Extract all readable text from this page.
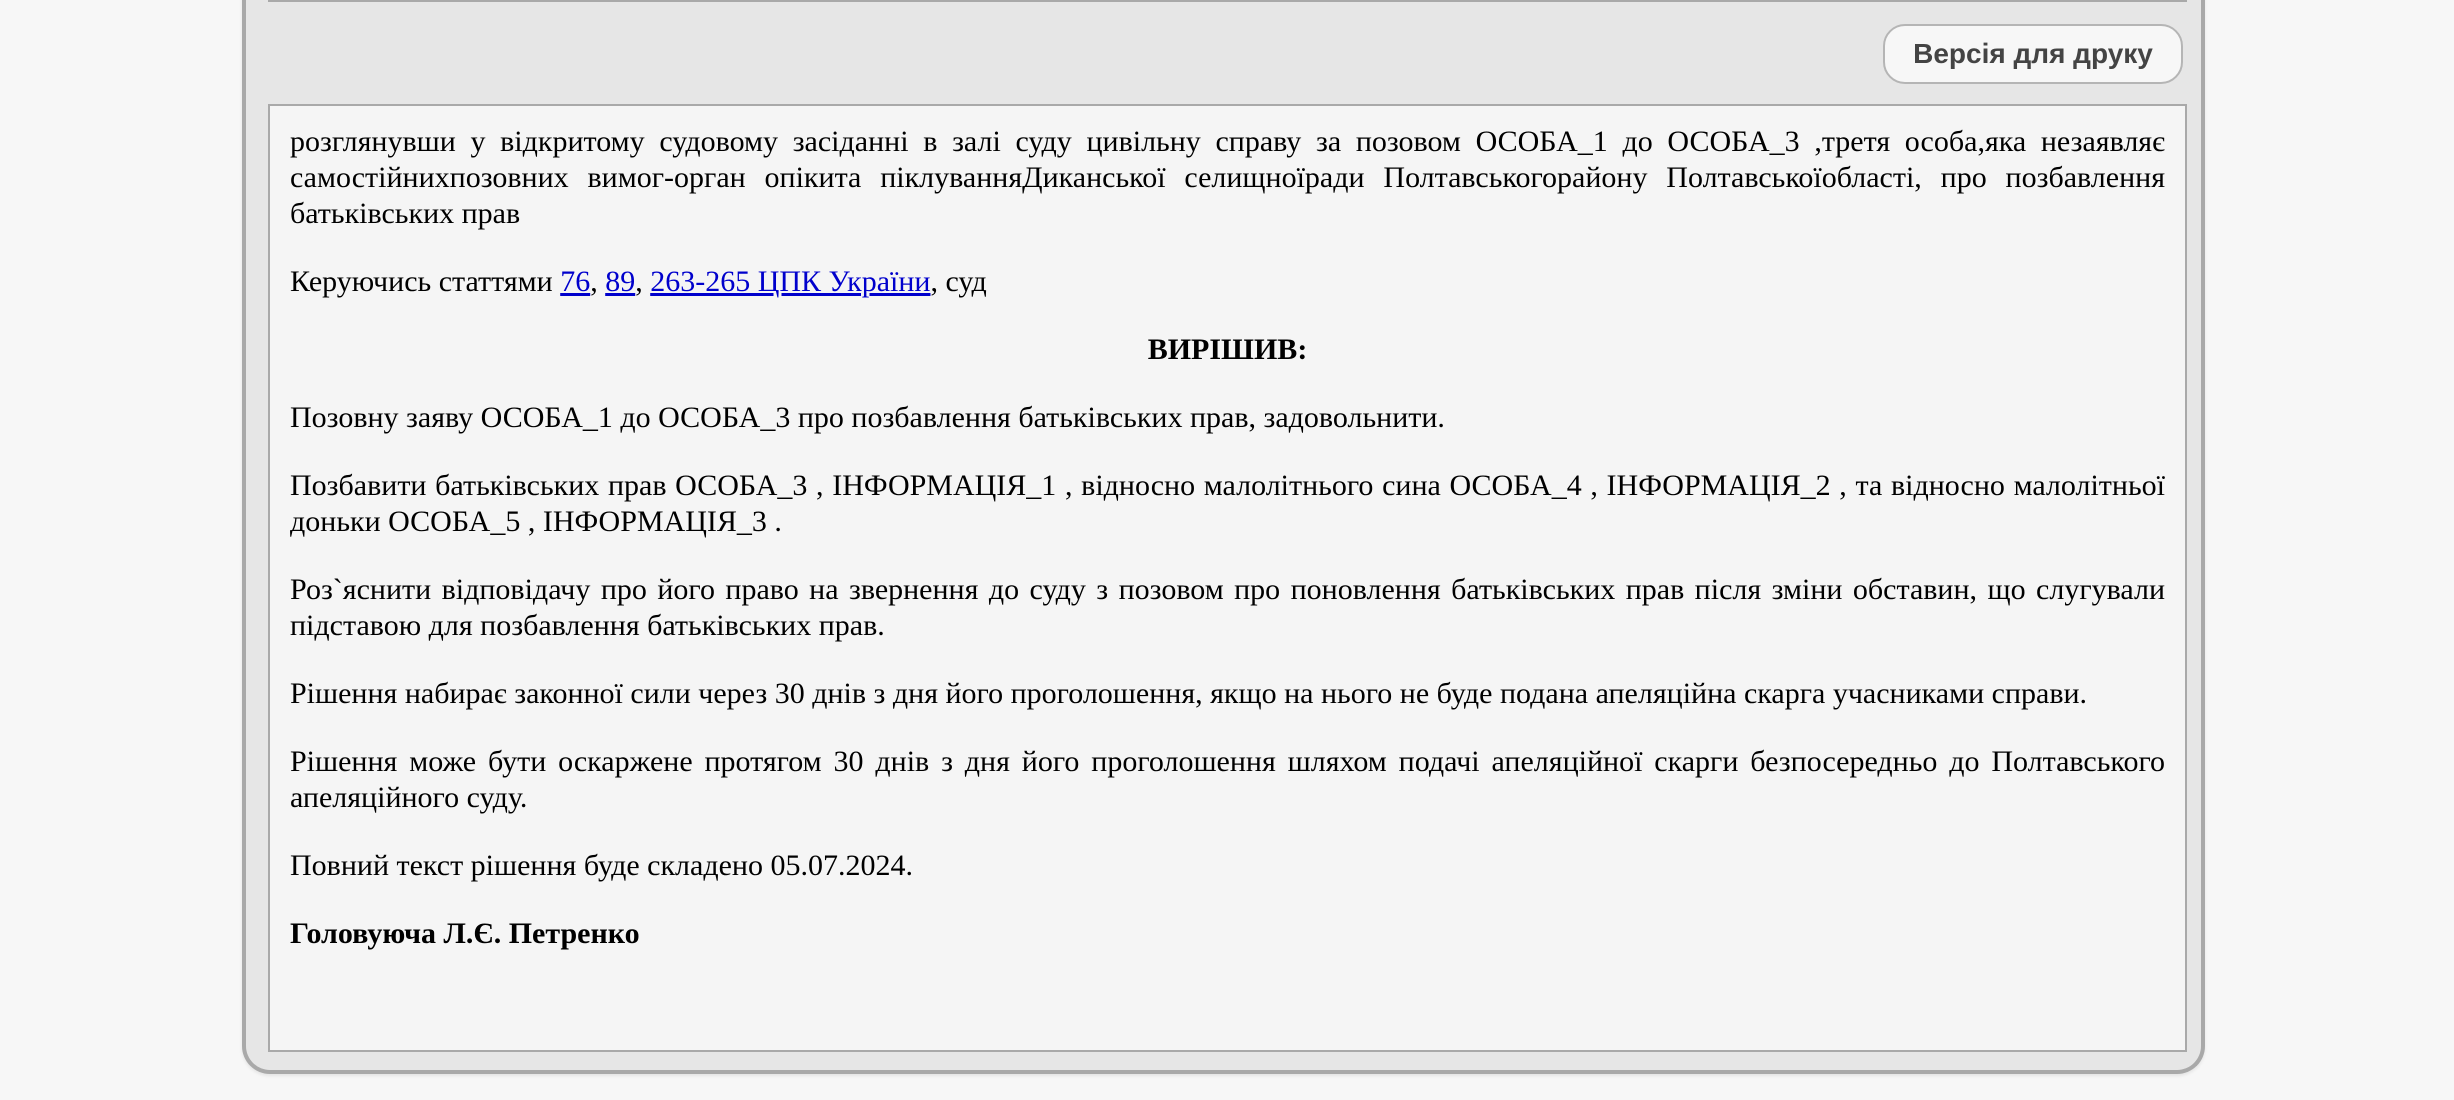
Версія для друку

розглянувши у відкритому судовому засіданні в залі суду цивільну справу за позовом ОСОБА_1 до ОСОБА_3 ,третя особа,яка незаявляє самостійнихпозовних вимог-орган опікита піклуванняДиканської селищноїради Полтавськогорайону Полтавськоїобласті, про позбавлення батьківських прав

Керуючись статтями 76, 89, 263-265 ЦПК України, суд

ВИРІШИВ:

Позовну заяву ОСОБА_1 до ОСОБА_3 про позбавлення батьківських прав, задовольнити.

Позбавити батьківських прав ОСОБА_3 , ІНФОРМАЦІЯ_1 , відносно малолітнього сина ОСОБА_4 , ІНФОРМАЦІЯ_2 , та відносно малолітньої доньки ОСОБА_5 , ІНФОРМАЦІЯ_3 .

Роз`яснити відповідачу про його право на звернення до суду з позовом про поновлення батьківських прав після зміни обставин, що слугували підставою для позбавлення батьківських прав.

Рішення набирає законної сили через 30 днів з дня його проголошення, якщо на нього не буде подана апеляційна скарга учасниками справи.

Рішення може бути оскаржене протягом 30 днів з дня його проголошення шляхом подачі апеляційної скарги безпосередньо до Полтавського апеляційного суду.

Повний текст рішення буде складено 05.07.2024.

Головуюча Л.Є. Петренко
